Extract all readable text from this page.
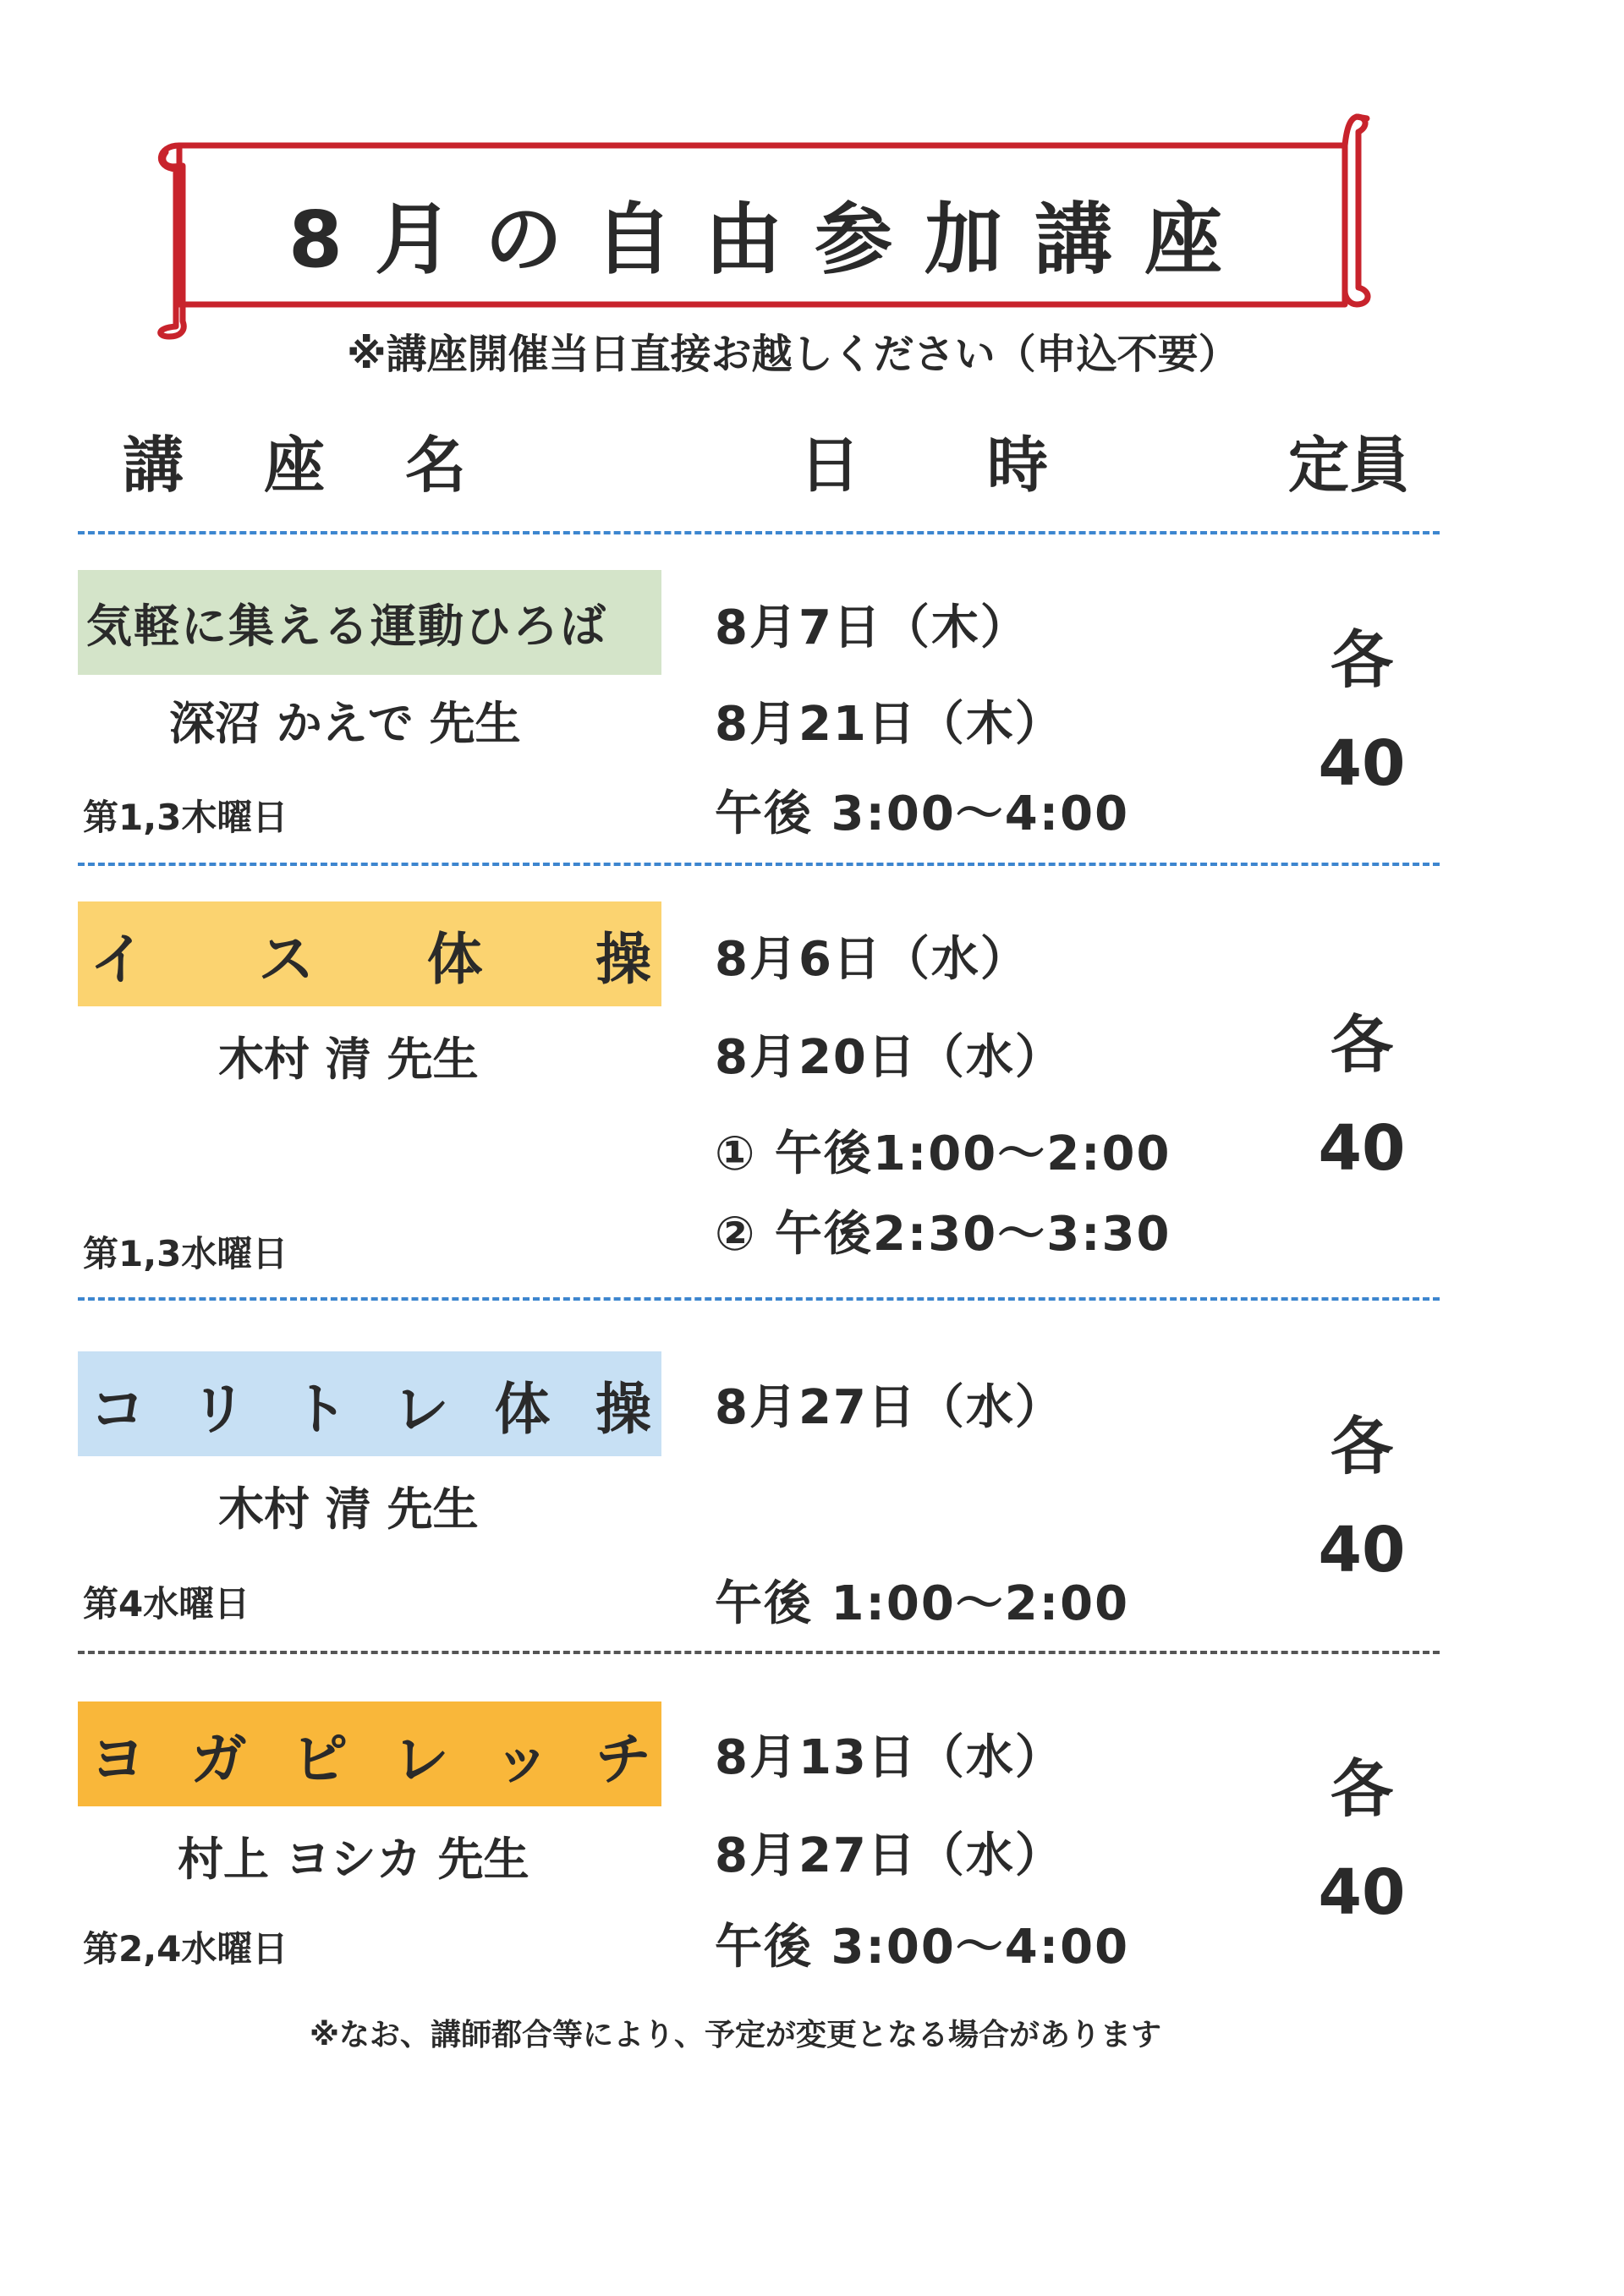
8月の自由参加講座
※講座開催当日直接お越しください（申込不要）
講座名	日時 定員
気軽に集える運動ひろば
深沼 かえで 先生
第1,3木曜日
8月7日（木）
8月21日（木）
午後 3:00〜4:00
各
40
イ ス 体 操
木村 清 先生
第1,3水曜日
8月6日（水）
8月20日（水）
① 午後1:00〜2:00
② 午後2:30〜3:30
各
40
コ リ ト レ 体 操
木村 清 先生
第4水曜日
8月27日（水）
午後 1:00〜2:00
各
40
ヨ ガ ピ レ ッ チ
村上 ヨシカ 先生
第2,4水曜日
8月13日（水）
8月27日（水）
午後 3:00〜4:00
各
40
※なお、講師都合等により、予定が変更となる場合があります
